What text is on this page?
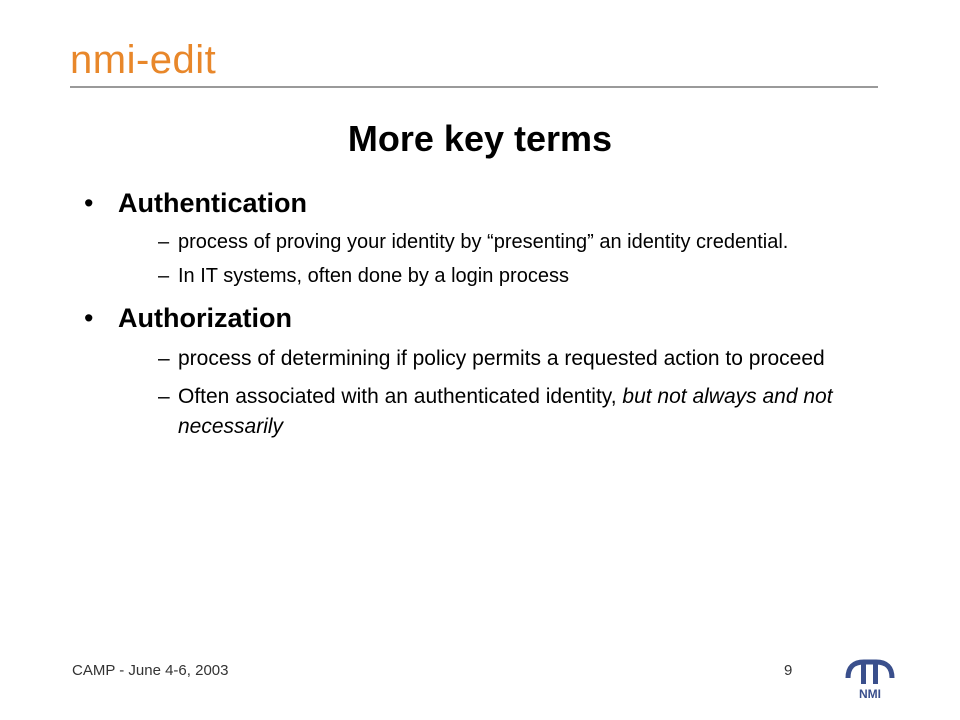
nmi-edit
More key terms
• Authentication
– process of proving your identity by “presenting” an identity credential.
– In IT systems, often done by a login process
• Authorization
– process of determining if policy permits a requested action to proceed
– Often associated with an authenticated identity, but not always and not necessarily
CAMP - June 4-6, 2003	9
NMI
